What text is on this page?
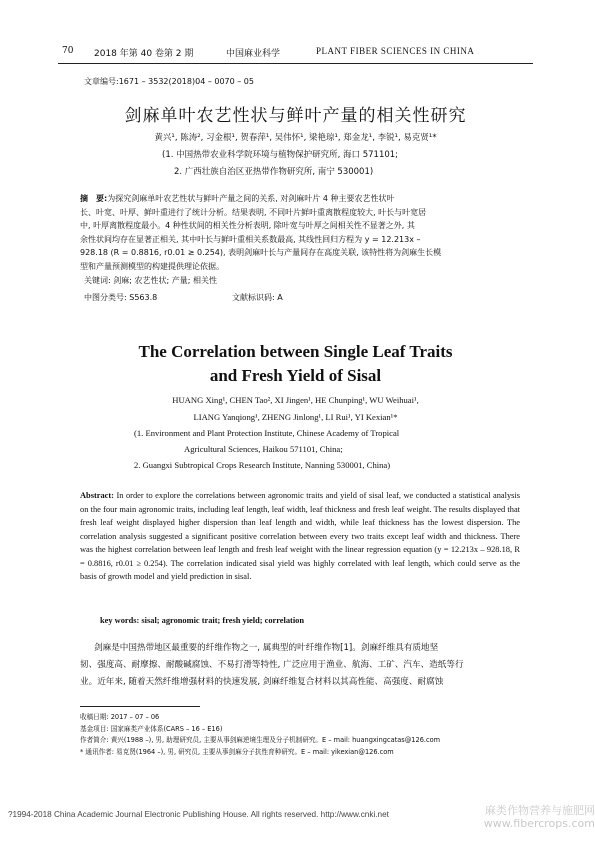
70 2018 年第 40 卷第 2 期	中国麻业科学	PLANT FIBER SCIENCES IN CHINA
文章编号:1671 – 3532(2018)04 – 0070 – 05
剑麻单叶农艺性状与鲜叶产量的相关性研究
黄兴¹, 陈涛², 习金根¹, 贺春萍¹, 吴伟怀¹, 梁艳琼¹, 郑金龙¹, 李锐¹, 易克贤¹*
(1. 中国热带农业科学院环境与植物保护研究所, 海口 571101;
2. 广西壮族自治区亚热带作物研究所, 南宁 530001)
摘　要:为探究剑麻单叶农艺性状与鲜叶产量之间的关系, 对剑麻叶片 4 种主要农艺性状叶
长、叶宽、叶厚、鲜叶重进行了统计分析。结果表明, 不同叶片鲜叶重离散程度较大, 叶长与叶宽居
中, 叶厚离散程度最小。4 种性状间的相关性分析表明, 除叶宽与叶厚之间相关性不显著之外, 其
余性状间均存在显著正相关, 其中叶长与鲜叶重相关系数最高, 其线性回归方程为 y = 12.213x –
928.18 (R = 0.8816, r0.01 ≥ 0.254), 表明剑麻叶长与产量间存在高度关联, 该特性将为剑麻生长模
型和产量预测模型的构建提供理论依据。
关键词: 剑麻; 农艺性状; 产量; 相关性
中图分类号: S563.8	文献标识码: A
The Correlation between Single Leaf Traits
and Fresh Yield of Sisal
HUANG Xing¹, CHEN Tao², XI Jingen¹, HE Chunping¹, WU Weihuai¹,
LIANG Yanqiong¹, ZHENG Jinlong¹, LI Rui¹, YI Kexian¹*
(1. Environment and Plant Protection Institute, Chinese Academy of Tropical
Agricultural Sciences, Haikou 571101, China;
2. Guangxi Subtropical Crops Research Institute, Nanning 530001, China)
Abstract: In order to explore the correlations between agronomic traits and yield of sisal leaf, we conducted a statistical analysis on the four main agronomic traits, including leaf length, leaf width, leaf thickness and fresh leaf weight. The results displayed that fresh leaf weight displayed higher dispersion than leaf length and width, while leaf thickness has the lowest dispersion. The correlation analysis suggested a significant positive correlation between every two traits except leaf width and thickness. There was the highest correlation between leaf length and fresh leaf weight with the linear regression equation (y = 12.213x – 928.18, R = 0.8816, r0.01 ≥ 0.254). The correlation indicated sisal yield was highly correlated with leaf length, which could serve as the basis of growth model and yield prediction in sisal.
key words: sisal; agronomic trait; fresh yield; correlation
剑麻是中国热带地区最重要的纤维作物之一, 属典型的叶纤维作物[1]。剑麻纤维具有质地坚
韧、强度高、耐摩擦、耐酸碱腐蚀、不易打滑等特性, 广泛应用于渔业、航海、工矿、汽车、造纸等行
业。近年来, 随着天然纤维增强材料的快速发展, 剑麻纤维复合材料以其高性能、高强度、耐腐蚀
收稿日期: 2017 – 07 – 06
基金项目: 国家麻类产业体系(CARS – 16 – E16)
作者简介: 黄兴(1988 –), 男, 助理研究员, 主要从事剑麻逆境生理及分子机制研究。E – mail: huangxingcatas@126.com
* 通讯作者: 易克贤(1964 –), 男, 研究员, 主要从事剑麻分子抗性育种研究。E – mail: yikexian@126.com
?1994-2018 China Academic Journal Electronic Publishing House. All rights reserved. http://www.cnki.net	麻类作物营养与施肥网
www.fibercrops.com
